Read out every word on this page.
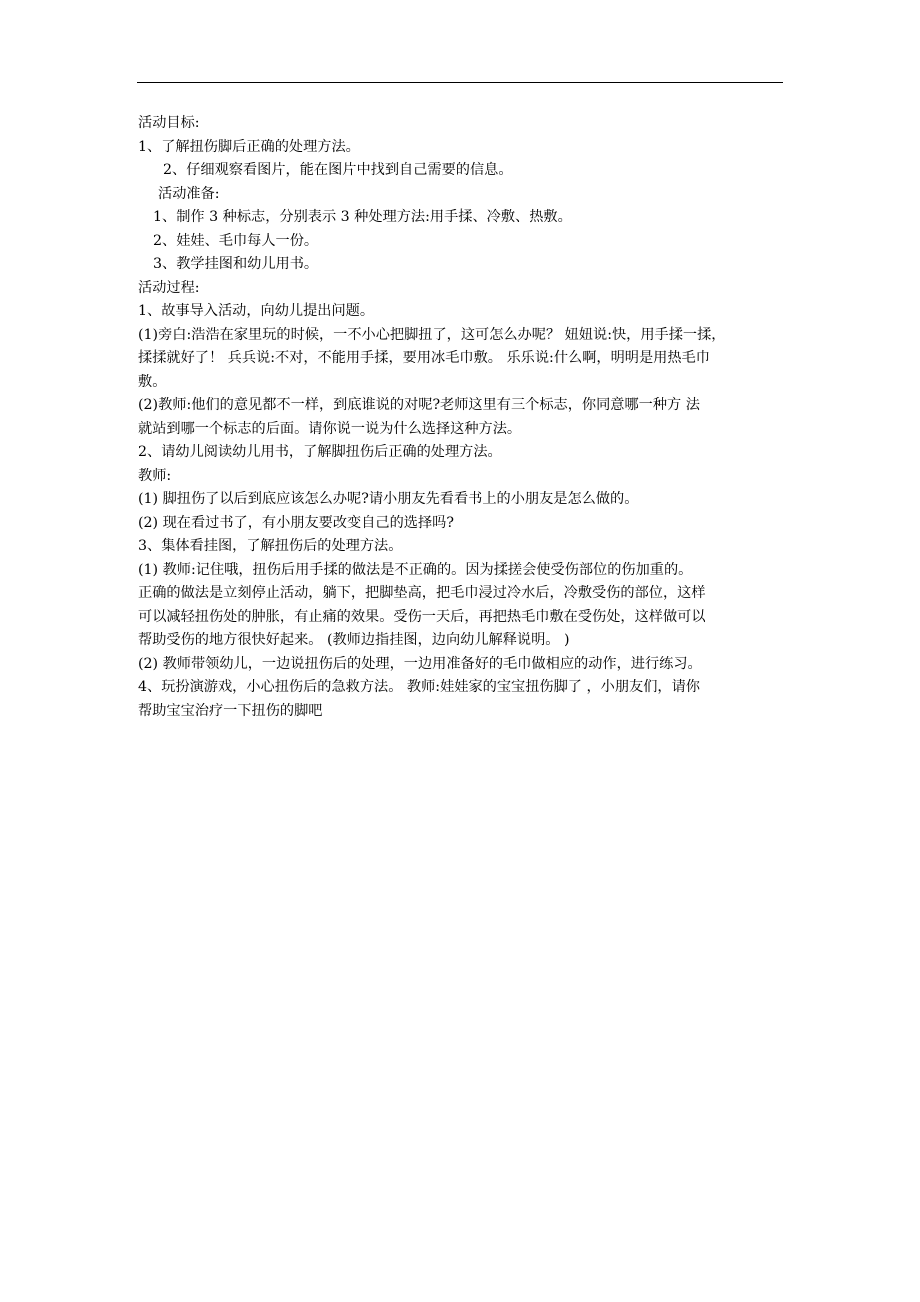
活动目标:

1、了解扭伤脚后正确的处理方法。

2、仔细观察看图片，能在图片中找到自己需要的信息。

活动准备:

1、制作 3 种标志，分别表示 3 种处理方法:用手揉、冷敷、热敷。

2、娃娃、毛巾每人一份。

3、教学挂图和幼儿用书。

活动过程:

1、故事导入活动，向幼儿提出问题。

(1)旁白:浩浩在家里玩的时候，一不小心把脚扭了，这可怎么办呢？ 妞妞说:快，用手揉一揉，

揉揉就好了！ 兵兵说:不对，不能用手揉，要用冰毛巾敷。 乐乐说:什么啊，明明是用热毛巾

敷。

(2)教师:他们的意见都不一样，到底谁说的对呢?老师这里有三个标志，你同意哪一种方 法

就站到哪一个标志的后面。请你说一说为什么选择这种方法。

2、请幼儿阅读幼儿用书，了解脚扭伤后正确的处理方法。

教师:

(1) 脚扭伤了以后到底应该怎么办呢?请小朋友先看看书上的小朋友是怎么做的。

(2) 现在看过书了，有小朋友要改变自己的选择吗?

3、集体看挂图，了解扭伤后的处理方法。

(1) 教师:记住哦，扭伤后用手揉的做法是不正确的。因为揉搓会使受伤部位的伤加重的。

正确的做法是立刻停止活动，躺下，把脚垫高，把毛巾浸过冷水后，冷敷受伤的部位，这样

可以减轻扭伤处的肿胀，有止痛的效果。受伤一天后，再把热毛巾敷在受伤处，这样做可以

帮助受伤的地方很快好起来。 (教师边指挂图，边向幼儿解释说明。 )

(2) 教师带领幼儿，一边说扭伤后的处理，一边用准备好的毛巾做相应的动作，进行练习。

4、玩扮演游戏，小心扭伤后的急救方法。 教师:娃娃家的宝宝扭伤脚了 ，小朋友们，请你

帮助宝宝治疗一下扭伤的脚吧
